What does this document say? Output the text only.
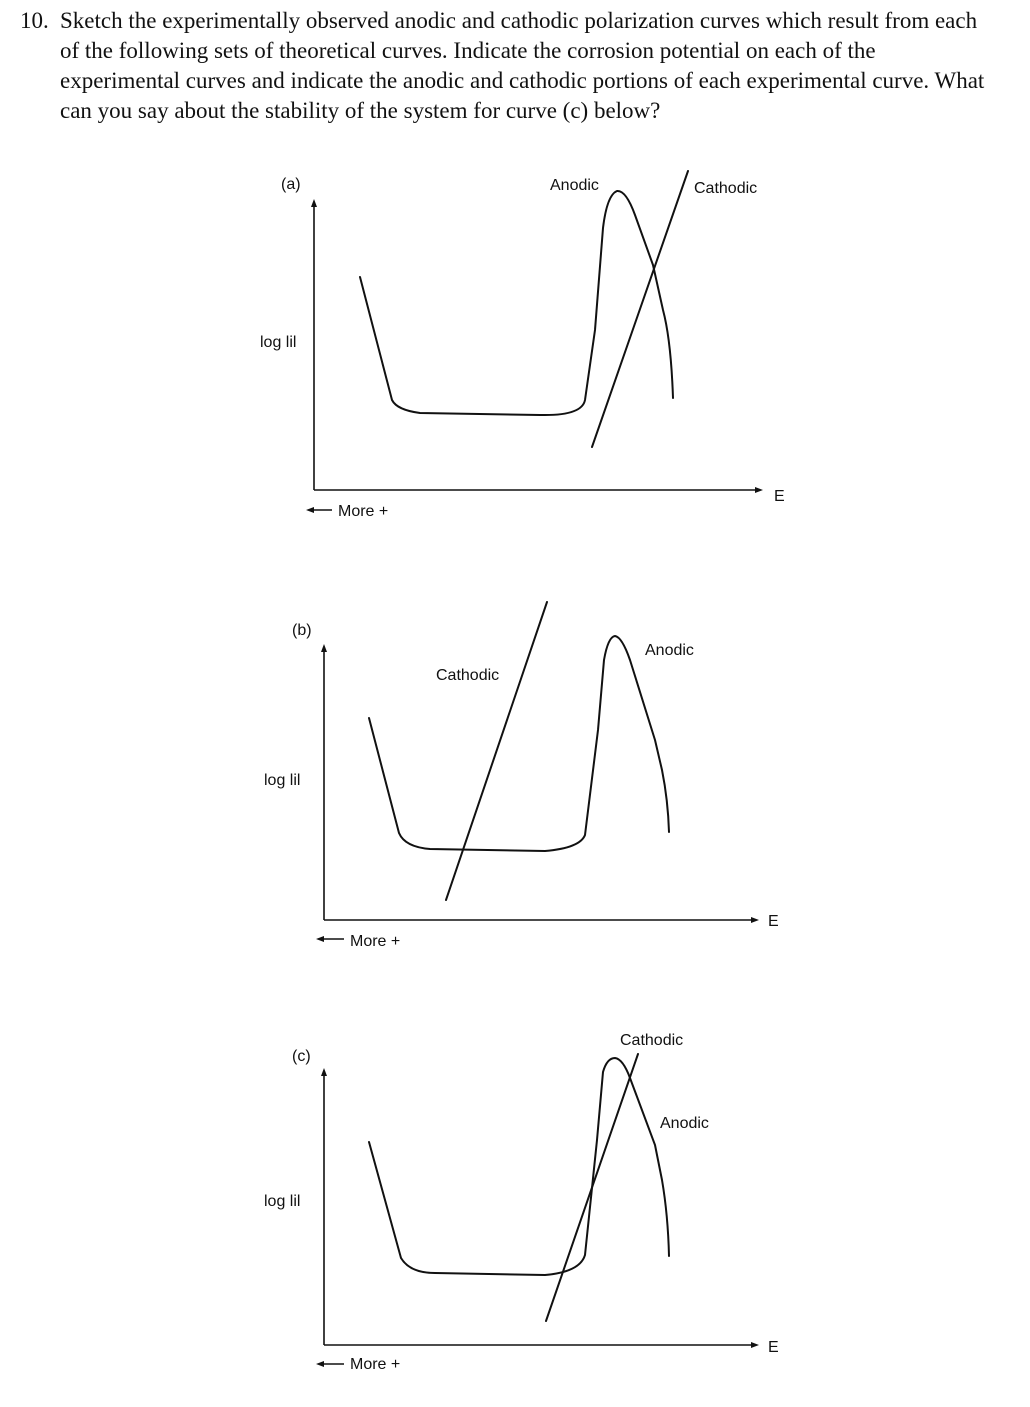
10. Sketch the experimentally observed anodic and cathodic polarization curves which result from each of the following sets of theoretical curves. Indicate the corrosion potential on each of the experimental curves and indicate the anodic and cathodic portions of each experimental curve. What can you say about the stability of the system for curve (c) below?
(a)
log lil
E
More +
Anodic	Cathodic
(b)
log lil
E
More +
Anodic
Cathodic
(c)
log lil
E
More +
Anodic
Cathodic
